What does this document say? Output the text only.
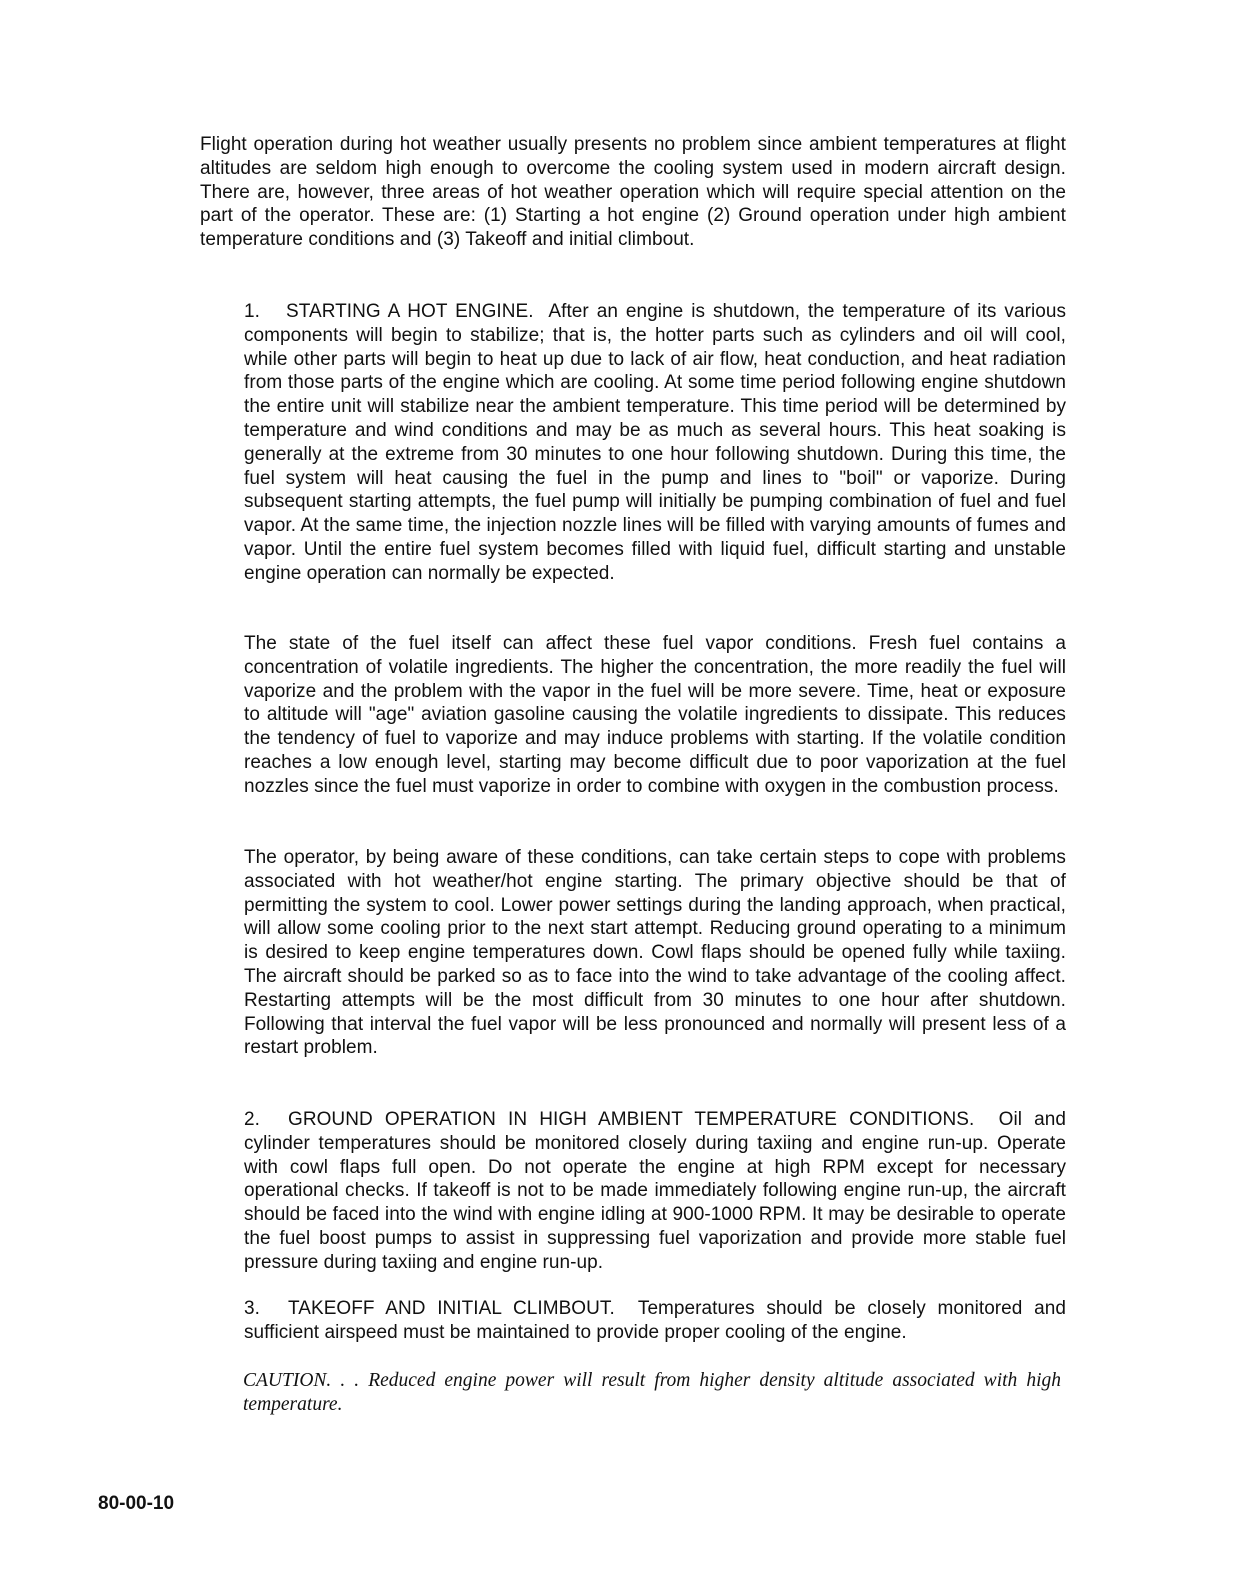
Flight operation during hot weather usually presents no problem since ambient temperatures at flight altitudes are seldom high enough to overcome the cooling system used in modern aircraft design. There are, however, three areas of hot weather operation which will require special attention on the part of the operator. These are: (1) Starting a hot engine (2) Ground operation under high ambient temperature conditions and (3) Takeoff and initial climbout.

1. STARTING A HOT ENGINE. After an engine is shutdown, the temperature of its various components will begin to stabilize; that is, the hotter parts such as cylinders and oil will cool, while other parts will begin to heat up due to lack of air flow, heat conduction, and heat radiation from those parts of the engine which are cooling. At some time period following engine shutdown the entire unit will stabilize near the ambient temperature. This time period will be determined by temperature and wind conditions and may be as much as several hours. This heat soaking is generally at the extreme from 30 minutes to one hour following shutdown. During this time, the fuel system will heat causing the fuel in the pump and lines to "boil" or vaporize. During subsequent starting attempts, the fuel pump will initially be pumping combination of fuel and fuel vapor. At the same time, the injection nozzle lines will be filled with varying amounts of fumes and vapor. Until the entire fuel system becomes filled with liquid fuel, difficult starting and unstable engine operation can normally be expected.

The state of the fuel itself can affect these fuel vapor conditions. Fresh fuel contains a concentration of volatile ingredients. The higher the concentration, the more readily the fuel will vaporize and the problem with the vapor in the fuel will be more severe. Time, heat or exposure to altitude will "age" aviation gasoline causing the volatile ingredients to dissipate. This reduces the tendency of fuel to vaporize and may induce problems with starting. If the volatile condition reaches a low enough level, starting may become difficult due to poor vaporization at the fuel nozzles since the fuel must vaporize in order to combine with oxygen in the combustion process.

The operator, by being aware of these conditions, can take certain steps to cope with problems associated with hot weather/hot engine starting. The primary objective should be that of permitting the system to cool. Lower power settings during the landing approach, when practical, will allow some cooling prior to the next start attempt. Reducing ground operating to a minimum is desired to keep engine temperatures down. Cowl flaps should be opened fully while taxiing. The aircraft should be parked so as to face into the wind to take advantage of the cooling affect. Restarting attempts will be the most difficult from 30 minutes to one hour after shutdown. Following that interval the fuel vapor will be less pronounced and normally will present less of a restart problem.

2. GROUND OPERATION IN HIGH AMBIENT TEMPERATURE CONDITIONS. Oil and cylinder temperatures should be monitored closely during taxiing and engine run-up. Operate with cowl flaps full open. Do not operate the engine at high RPM except for necessary operational checks. If takeoff is not to be made immediately following engine run-up, the aircraft should be faced into the wind with engine idling at 900-1000 RPM. It may be desirable to operate the fuel boost pumps to assist in suppressing fuel vaporization and provide more stable fuel pressure during taxiing and engine run-up.

3. TAKEOFF AND INITIAL CLIMBOUT. Temperatures should be closely monitored and sufficient airspeed must be maintained to provide proper cooling of the engine.

CAUTION. . . Reduced engine power will result from higher density altitude associated with high temperature.

80-00-10
